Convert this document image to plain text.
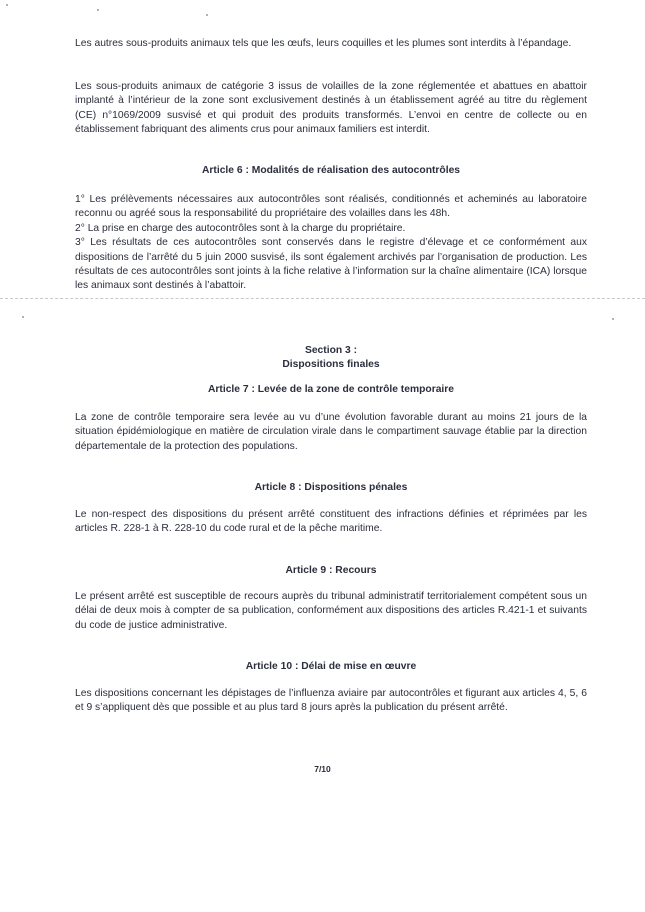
Les autres sous-produits animaux tels que les œufs, leurs coquilles et les plumes sont interdits à l’épandage.

Les sous-produits animaux de catégorie 3 issus de volailles de la zone réglementée et abattues en abattoir implanté à l’intérieur de la zone sont exclusivement destinés à un établissement agréé au titre du règlement (CE) n°1069/2009 susvisé et qui produit des produits transformés. L’envoi en centre de collecte ou en établissement fabriquant des aliments crus pour animaux familiers est interdit.

Article 6 : Modalités de réalisation des autocontrôles

1° Les prélèvements nécessaires aux autocontrôles sont réalisés, conditionnés et acheminés au laboratoire reconnu ou agréé sous la responsabilité du propriétaire des volailles dans les 48h.

2° La prise en charge des autocontrôles sont à la charge du propriétaire.

3° Les résultats de ces autocontrôles sont conservés dans le registre d’élevage et ce conformément aux dispositions de l’arrêté du 5 juin 2000 susvisé, ils sont également archivés par l’organisation de production. Les résultats de ces autocontrôles sont joints à la fiche relative à l’information sur la chaîne alimentaire (ICA) lorsque les animaux sont destinés à l’abattoir.

Section 3 :
Dispositions finales
Article 7 : Levée de la zone de contrôle temporaire

La zone de contrôle temporaire sera levée au vu d’une évolution favorable durant au moins 21 jours de la situation épidémiologique en matière de circulation virale dans le compartiment sauvage établie par la direction départementale de la protection des populations.

Article 8 : Dispositions pénales

Le non-respect des dispositions du présent arrêté constituent des infractions définies et réprimées par les articles R. 228-1 à R. 228-10 du code rural et de la pêche maritime.

Article 9 : Recours

Le présent arrêté est susceptible de recours auprès du tribunal administratif territorialement compétent sous un délai de deux mois à compter de sa publication, conformément aux dispositions des articles R.421-1 et suivants du code de justice administrative.

Article 10 : Délai de mise en œuvre

Les dispositions concernant les dépistages de l’influenza aviaire par autocontrôles et figurant aux articles 4, 5, 6 et 9 s’appliquent dès que possible et au plus tard 8 jours après la publication du présent arrêté.

7/10
